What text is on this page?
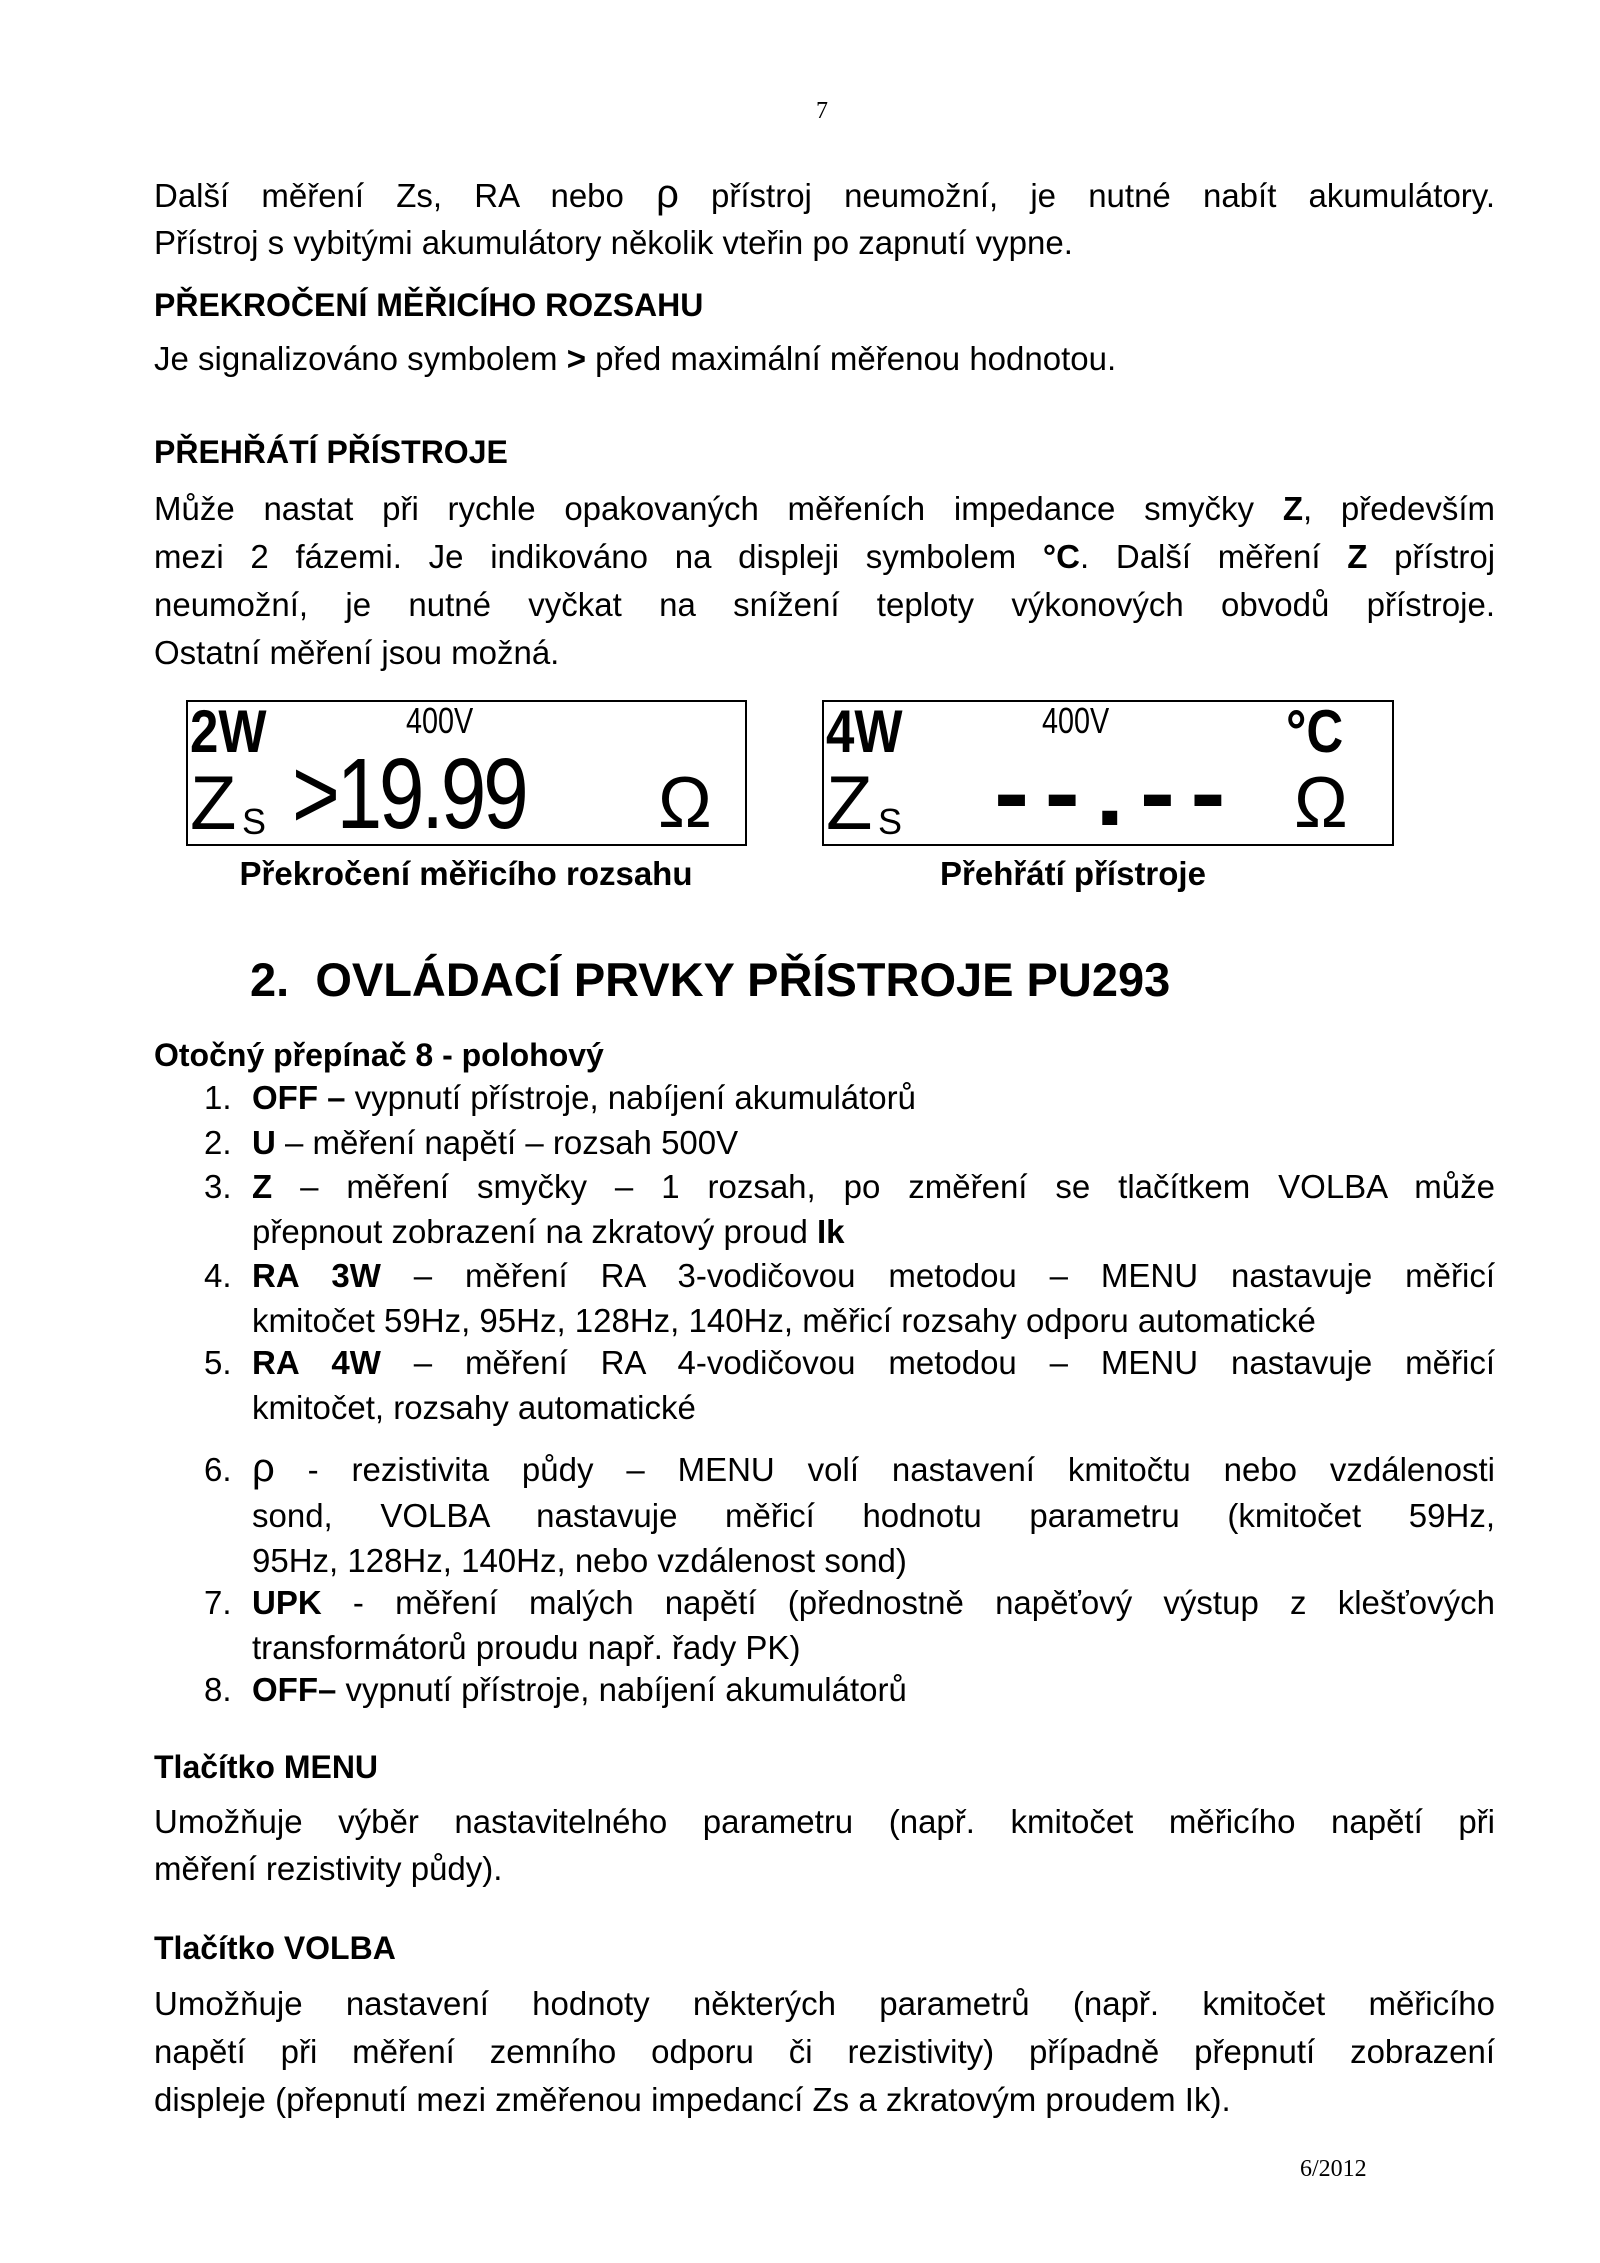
7
Další měření Zs, RA nebo ρ přístroj neumožní, je nutné nabít akumulátory.
Přístroj s vybitými akumulátory několik vteřin po zapnutí vypne.
PŘEKROČENÍ MĚŘICÍHO ROZSAHU
Je signalizováno symbolem > před maximální měřenou hodnotou.
PŘEHŘÁTÍ PŘÍSTROJE
Může nastat při rychle opakovaných měřeních impedance smyčky Z, především
mezi 2 fázemi. Je indikováno na displeji symbolem °C. Další měření Z přístroj
neumožní, je nutné vyčkat na snížení teploty výkonových obvodů přístroje.
Ostatní měření jsou možná.
2W	400V
Z S >19.99 Ω
Překročení měřicího rozsahu
4W	400V	°C
Z S --.-- Ω
Přehřátí přístroje
2.  OVLÁDACÍ PRVKY PŘÍSTROJE PU293
Otočný přepínač 8 - polohový
1. OFF – vypnutí přístroje, nabíjení akumulátorů
2. U – měření napětí – rozsah 500V
3. Z – měření smyčky – 1 rozsah, po změření se tlačítkem VOLBA může
přepnout zobrazení na zkratový proud Ik
4. RA 3W – měření RA 3-vodičovou metodou – MENU nastavuje měřicí
kmitočet 59Hz, 95Hz, 128Hz, 140Hz, měřicí rozsahy odporu automatické
5. RA 4W – měření RA 4-vodičovou metodou – MENU nastavuje měřicí
kmitočet, rozsahy automatické
6. ρ - rezistivita půdy – MENU volí nastavení kmitočtu nebo vzdálenosti
sond, VOLBA nastavuje měřicí hodnotu parametru (kmitočet 59Hz,
95Hz, 128Hz, 140Hz, nebo vzdálenost sond)
7. UPK - měření malých napětí (přednostně napěťový výstup z klešťových
transformátorů proudu např. řady PK)
8. OFF– vypnutí přístroje, nabíjení akumulátorů
Tlačítko MENU
Umožňuje výběr nastavitelného parametru (např. kmitočet měřicího napětí při
měření rezistivity půdy).
Tlačítko VOLBA
Umožňuje nastavení hodnoty některých parametrů (např. kmitočet měřicího
napětí při měření zemního odporu či rezistivity) případně přepnutí zobrazení
displeje (přepnutí mezi změřenou impedancí Zs a zkratovým proudem Ik).
6/2012
